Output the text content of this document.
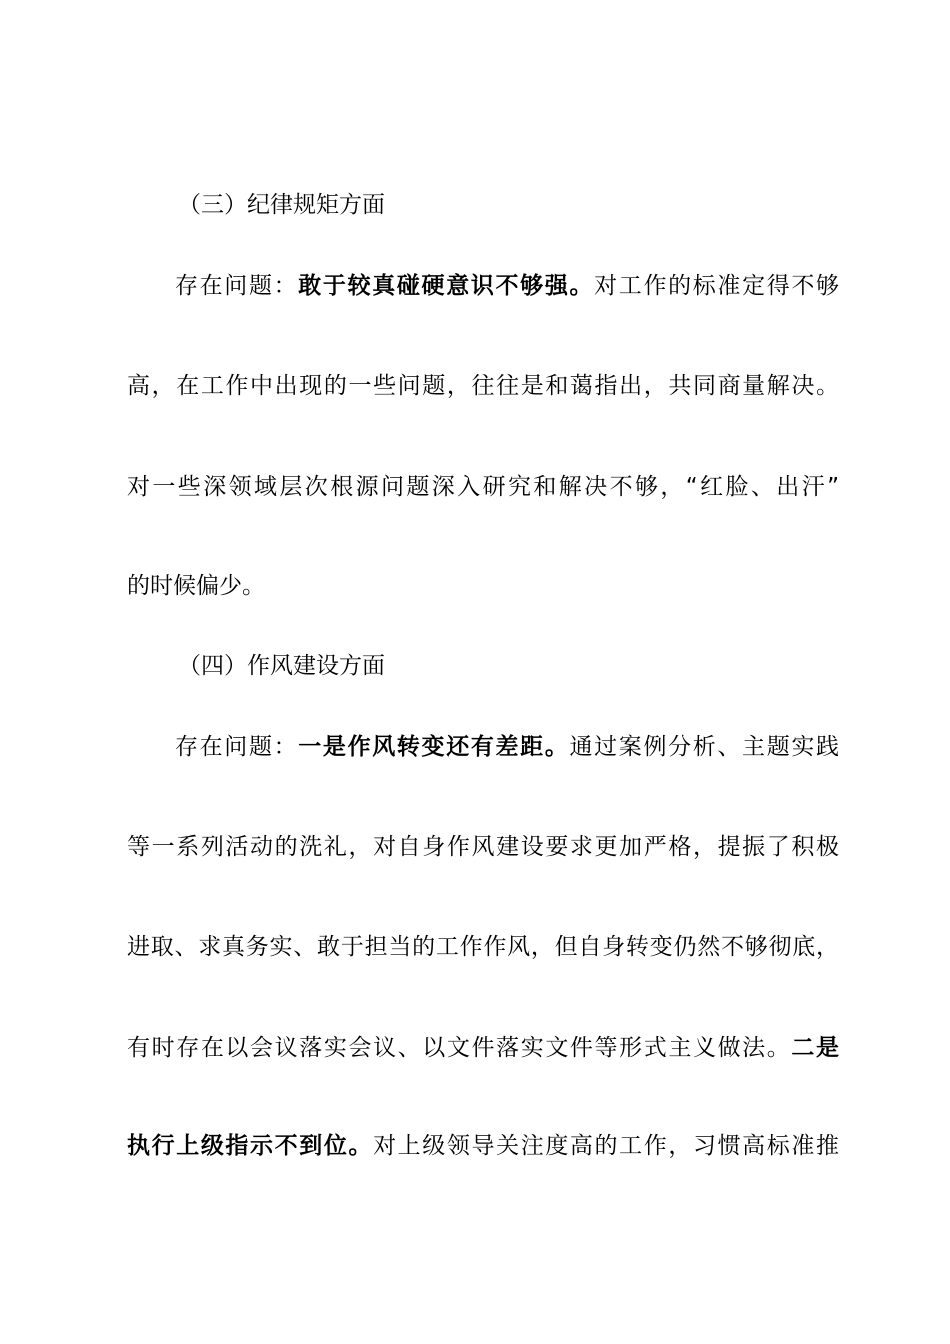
（三）纪律规矩方面
存在问题：敢于较真碰硬意识不够强。对工作的标准定得不够
高，在工作中出现的一些问题，往往是和蔼指出，共同商量解决。
对一些深领域层次根源问题深入研究和解决不够，“红脸、出汗”
的时候偏少。
（四）作风建设方面
存在问题：一是作风转变还有差距。通过案例分析、主题实践
等一系列活动的洗礼，对自身作风建设要求更加严格，提振了积极
进取、求真务实、敢于担当的工作作风，但自身转变仍然不够彻底，
有时存在以会议落实会议、以文件落实文件等形式主义做法。二是
执行上级指示不到位。对上级领导关注度高的工作，习惯高标准推
